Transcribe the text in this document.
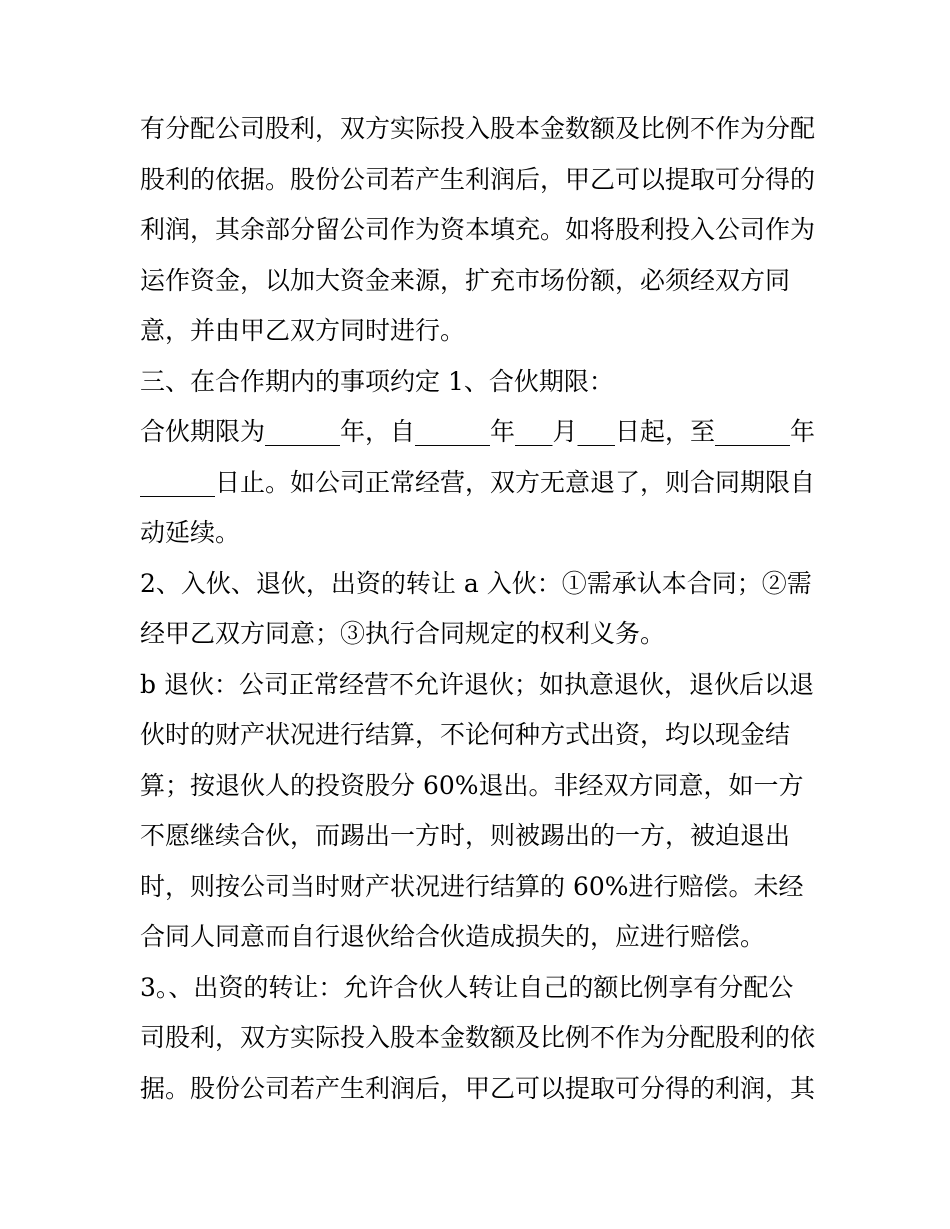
有分配公司股利，双方实际投入股本金数额及比例不作为分配
股利的依据。股份公司若产生利润后，甲乙可以提取可分得的
利润，其余部分留公司作为资本填充。如将股利投入公司作为
运作资金，以加大资金来源，扩充市场份额，必须经双方同
意，并由甲乙双方同时进行。
三、在合作期内的事项约定 1、合伙期限：
合伙期限为______年，自______年___月___日起，至______年
______日止。如公司正常经营，双方无意退了，则合同期限自
动延续。
2、入伙、退伙，出资的转让 a 入伙：①需承认本合同；②需
经甲乙双方同意；③执行合同规定的权利义务。
b 退伙：公司正常经营不允许退伙；如执意退伙，退伙后以退
伙时的财产状况进行结算，不论何种方式出资，均以现金结
算；按退伙人的投资股分 60%退出。非经双方同意，如一方
不愿继续合伙，而踢出一方时，则被踢出的一方，被迫退出
时，则按公司当时财产状况进行结算的 60%进行赔偿。未经
合同人同意而自行退伙给合伙造成损失的，应进行赔偿。
3。、出资的转让：允许合伙人转让自己的额比例享有分配公
司股利，双方实际投入股本金数额及比例不作为分配股利的依
据。股份公司若产生利润后，甲乙可以提取可分得的利润，其
